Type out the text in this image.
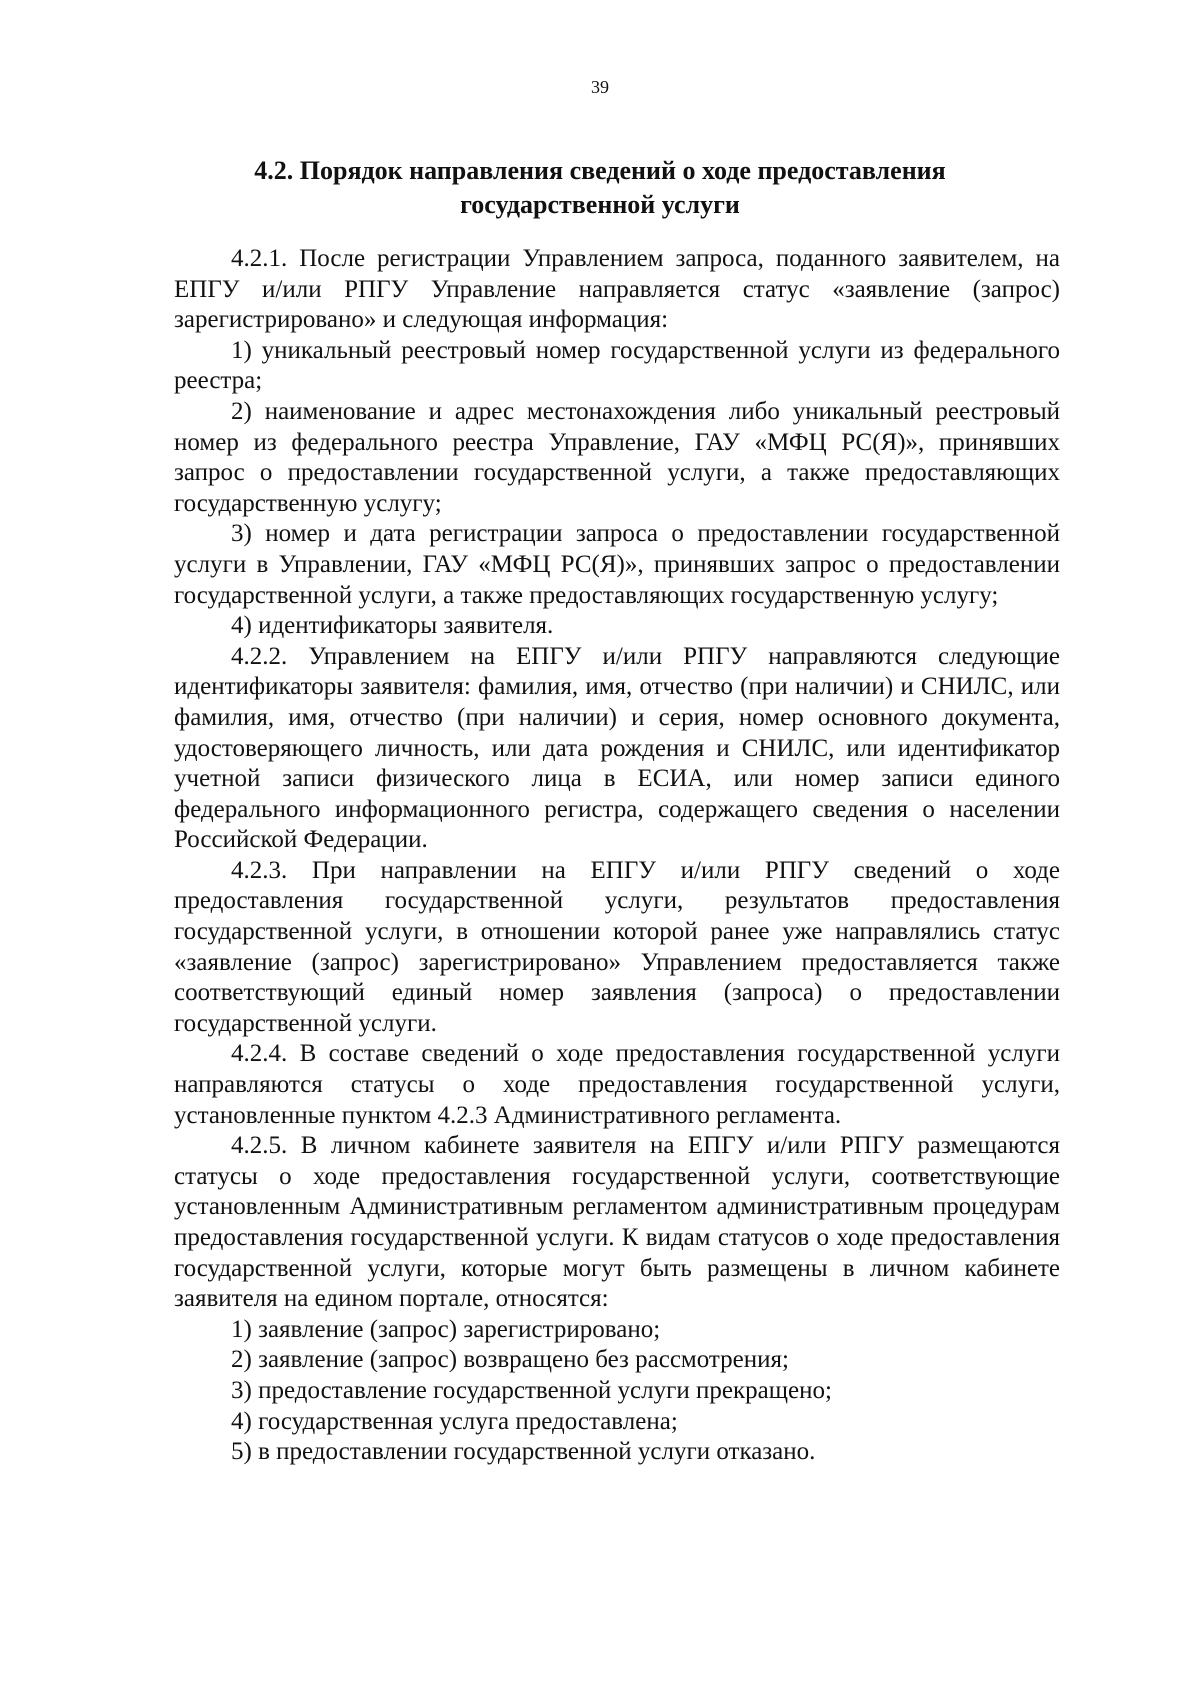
39
4.2. Порядок направления сведений о ходе предоставления
государственной услуги

4.2.1. После регистрации Управлением запроса, поданного заявителем, на ЕПГУ и/или РПГУ Управление направляется статус «заявление (запрос) зарегистрировано» и следующая информация:

1) уникальный реестровый номер государственной услуги из федерального реестра;

2) наименование и адрес местонахождения либо уникальный реестровый номер из федерального реестра Управление, ГАУ «МФЦ РС(Я)», принявших запрос о предоставлении государственной услуги, а также предоставляющих государственную услугу;

3) номер и дата регистрации запроса о предоставлении государственной услуги в Управлении, ГАУ «МФЦ РС(Я)», принявших запрос о предоставлении государственной услуги, а также предоставляющих государственную услугу;

4) идентификаторы заявителя.

4.2.2. Управлением на ЕПГУ и/или РПГУ направляются следующие идентификаторы заявителя: фамилия, имя, отчество (при наличии) и СНИЛС, или фамилия, имя, отчество (при наличии) и серия, номер основного документа, удостоверяющего личность, или дата рождения и СНИЛС, или идентификатор учетной записи физического лица в ЕСИА, или номер записи единого федерального информационного регистра, содержащего сведения о населении Российской Федерации.

4.2.3. При направлении на ЕПГУ и/или РПГУ сведений о ходе предоставления государственной услуги, результатов предоставления государственной услуги, в отношении которой ранее уже направлялись статус «заявление (запрос) зарегистрировано» Управлением предоставляется также соответствующий единый номер заявления (запроса) о предоставлении государственной услуги.

4.2.4. В составе сведений о ходе предоставления государственной услуги направляются статусы о ходе предоставления государственной услуги, установленные пунктом 4.2.3 Административного регламента.

4.2.5. В личном кабинете заявителя на ЕПГУ и/или РПГУ размещаются статусы о ходе предоставления государственной услуги, соответствующие установленным Административным регламентом административным процедурам предоставления государственной услуги. К видам статусов о ходе предоставления государственной услуги, которые могут быть размещены в личном кабинете заявителя на едином портале, относятся:

1) заявление (запрос) зарегистрировано;

2) заявление (запрос) возвращено без рассмотрения;

3) предоставление государственной услуги прекращено;

4) государственная услуга предоставлена;

5) в предоставлении государственной услуги отказано.
